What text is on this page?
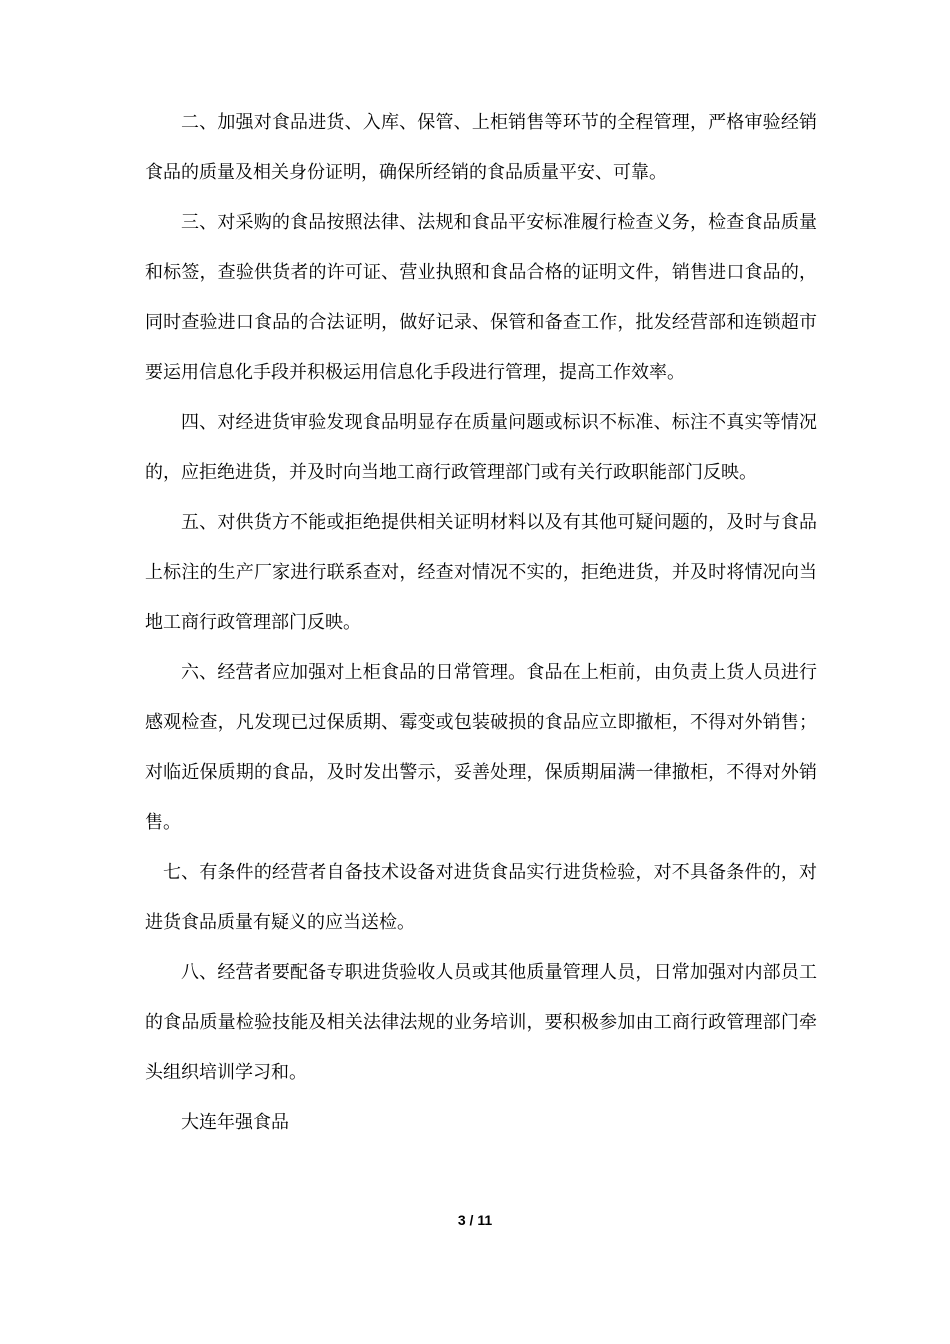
二、加强对食品进货、入库、保管、上柜销售等环节的全程管理，严格审验经销食品的质量及相关身份证明，确保所经销的食品质量平安、可靠。

三、对采购的食品按照法律、法规和食品平安标准履行检查义务，检查食品质量和标签，查验供货者的许可证、营业执照和食品合格的证明文件，销售进口食品的，同时查验进口食品的合法证明，做好记录、保管和备查工作，批发经营部和连锁超市要运用信息化手段并积极运用信息化手段进行管理，提高工作效率。

四、对经进货审验发现食品明显存在质量问题或标识不标准、标注不真实等情况的，应拒绝进货，并及时向当地工商行政管理部门或有关行政职能部门反映。

五、对供货方不能或拒绝提供相关证明材料以及有其他可疑问题的，及时与食品上标注的生产厂家进行联系查对，经查对情况不实的，拒绝进货，并及时将情况向当地工商行政管理部门反映。

六、经营者应加强对上柜食品的日常管理。食品在上柜前，由负责上货人员进行感观检查，凡发现已过保质期、霉变或包装破损的食品应立即撤柜，不得对外销售；对临近保质期的食品，及时发出警示，妥善处理，保质期届满一律撤柜，不得对外销售。

七、有条件的经营者自备技术设备对进货食品实行进货检验，对不具备条件的，对进货食品质量有疑义的应当送检。

八、经营者要配备专职进货验收人员或其他质量管理人员，日常加强对内部员工的食品质量检验技能及相关法律法规的业务培训，要积极参加由工商行政管理部门牵头组织培训学习和。

大连年强食品

3 / 11
